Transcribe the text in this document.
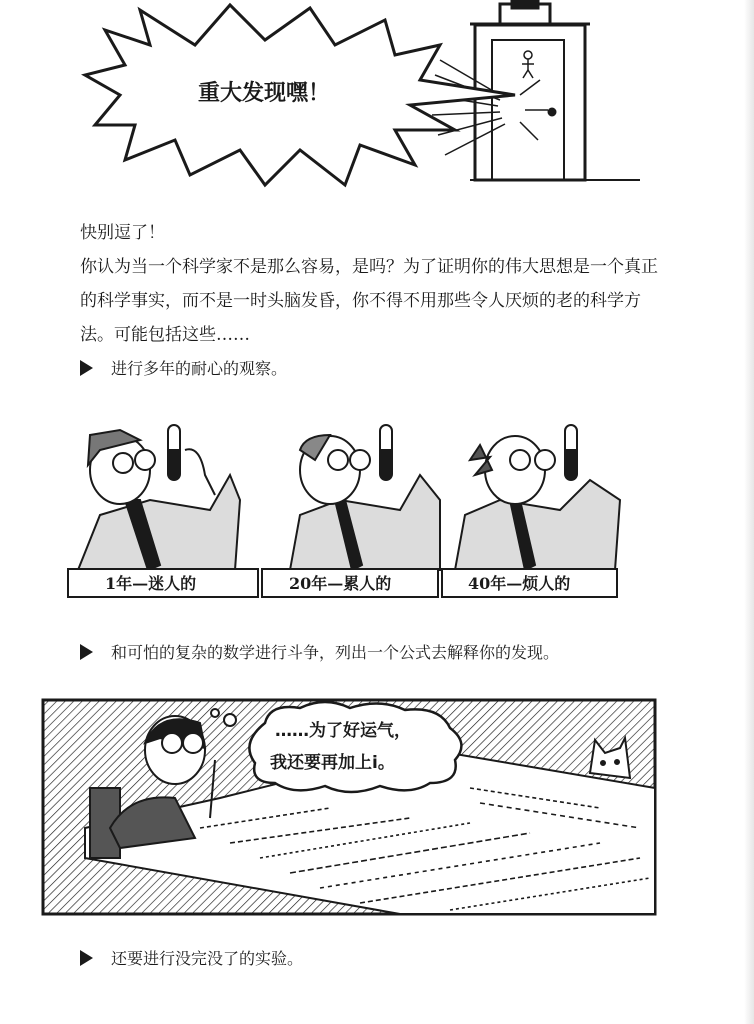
重大发现嘿！

快别逗了！

你认为当一个科学家不是那么容易，是吗？为了证明你的伟大思想是一个真正的科学事实，而不是一时头脑发昏，你不得不用那些令人厌烦的老的科学方法。可能包括这些……

进行多年的耐心的观察。
1年—迷人的	20年—累人的	40年—烦人的
和可怕的复杂的数学进行斗争，列出一个公式去解释你的发现。
……为了好运气，
我还要再加上i。
还要进行没完没了的实验。
